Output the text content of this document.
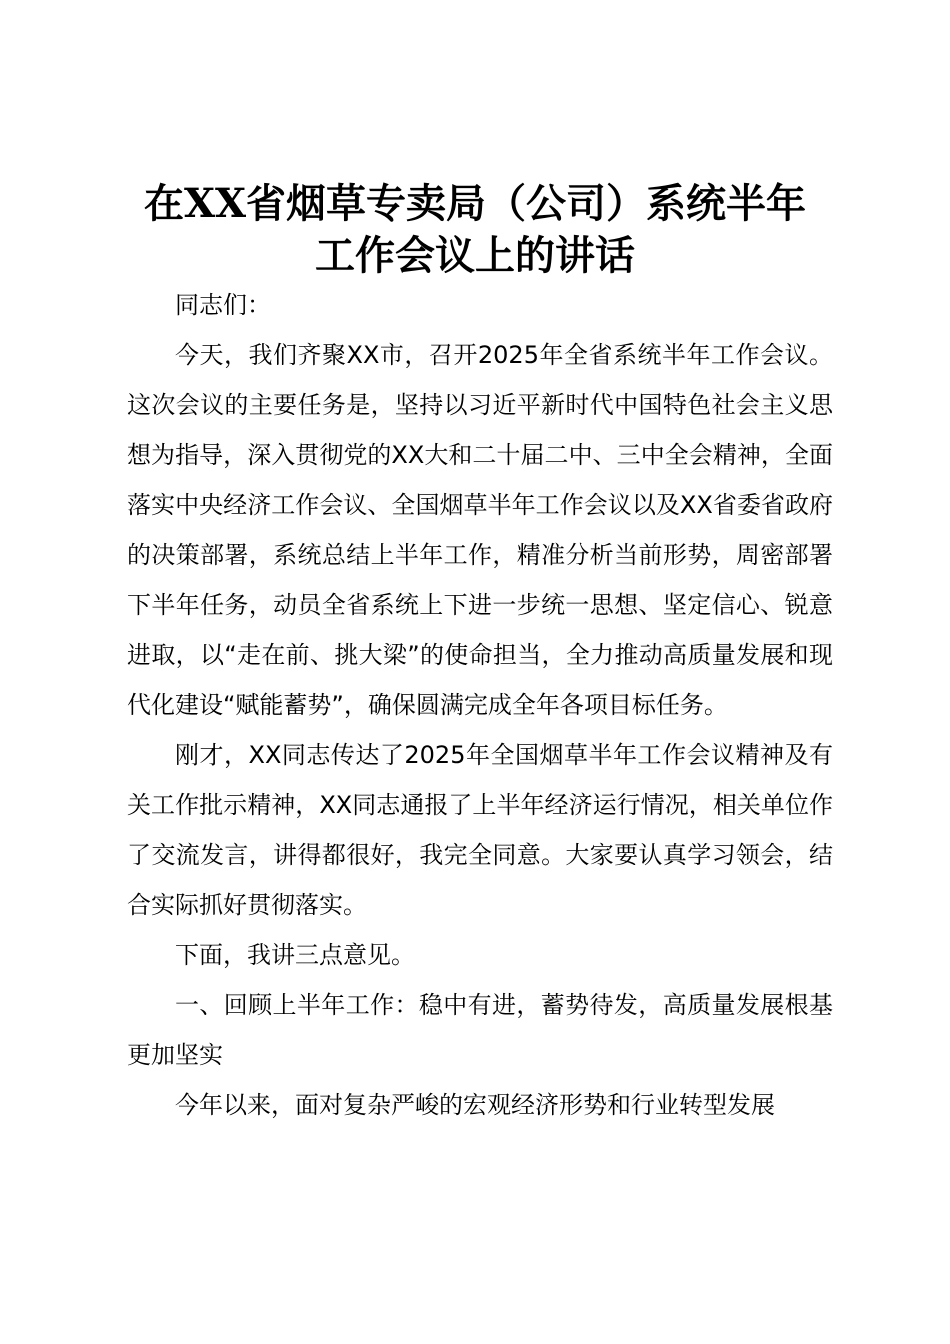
在XX省烟草专卖局（公司）系统半年
工作会议上的讲话

同志们：

今天，我们齐聚XX市，召开2025年全省系统半年工作会议。这次会议的主要任务是，坚持以习近平新时代中国特色社会主义思想为指导，深入贯彻党的XX大和二十届二中、三中全会精神，全面落实中央经济工作会议、全国烟草半年工作会议以及XX省委省政府的决策部署，系统总结上半年工作，精准分析当前形势，周密部署下半年任务，动员全省系统上下进一步统一思想、坚定信心、锐意进取，以“走在前、挑大梁”的使命担当，全力推动高质量发展和现代化建设“赋能蓄势”，确保圆满完成全年各项目标任务。

刚才，XX同志传达了2025年全国烟草半年工作会议精神及有关工作批示精神，XX同志通报了上半年经济运行情况，相关单位作了交流发言，讲得都很好，我完全同意。大家要认真学习领会，结合实际抓好贯彻落实。

下面，我讲三点意见。

一、回顾上半年工作：稳中有进，蓄势待发，高质量发展根基更加坚实

今年以来，面对复杂严峻的宏观经济形势和行业转型发展
